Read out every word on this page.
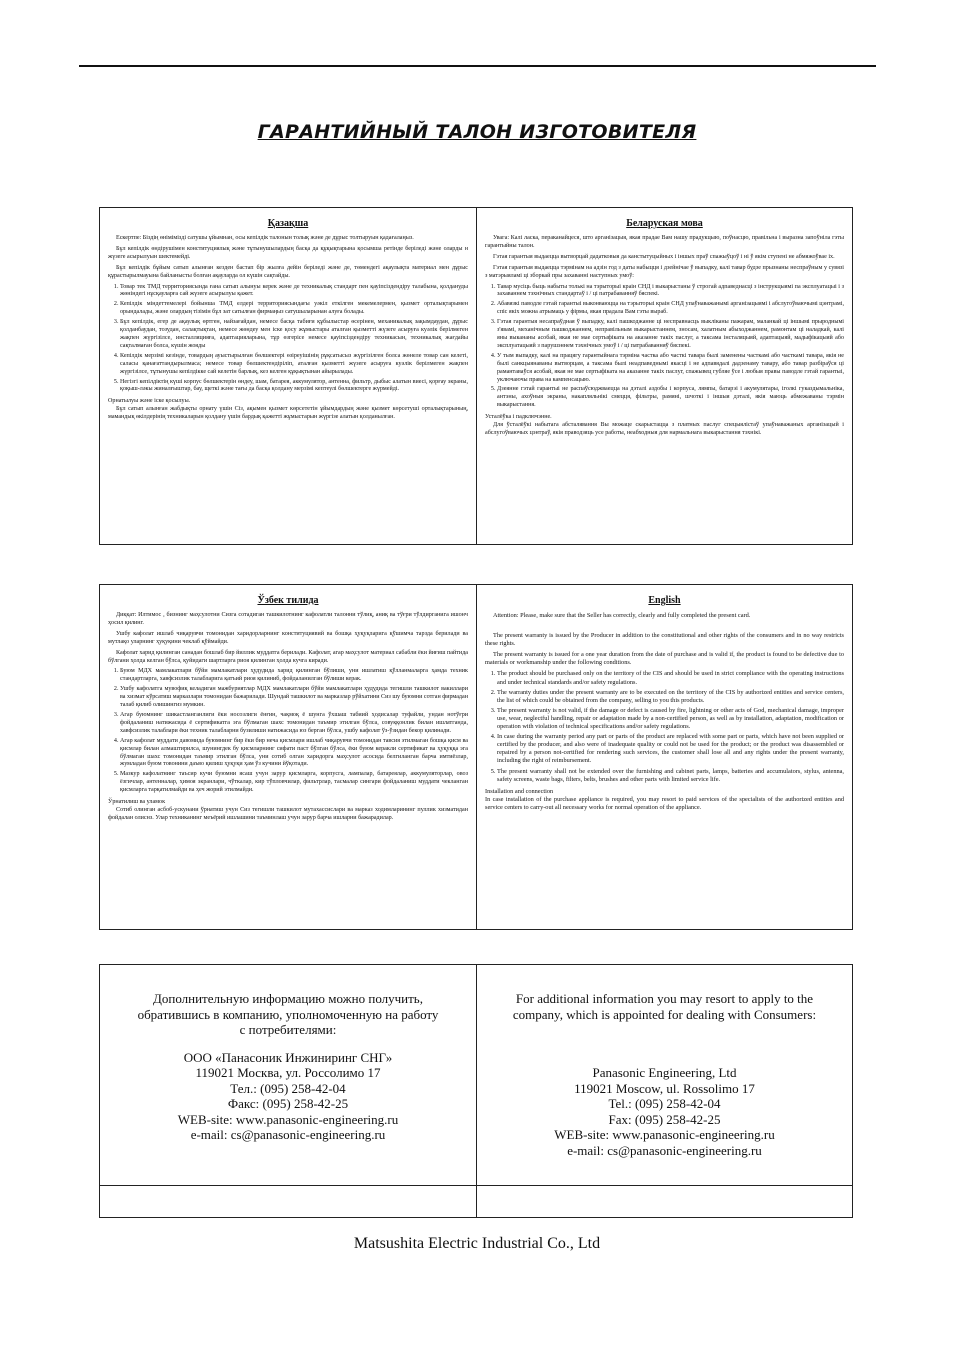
ГАРАНТИЙНЫЙ ТАЛОН ИЗГОТОВИТЕЛЯ
Қазақша

Ескертпе: Біздің өнiмiмiздi сатушы ұйымнан, осы кепілдік талонын толық және де дұрыс толтыруын қадағалаңыз.

Бұл кепілдік өндірушімен конституциялық және тұтынушылардың басқа да құқықтарына қосымша ретінде беріледі және оларды н жүзеге асырылуын шектемейді.

Бұл кепілдік бұйым сатып алынған кезден бастап бір жылға дейін беріледі және де, төмендегі ақаулықта материал мен дұрыс құрастырылмауына байланысты болған ақауларда ол күшiн сақтайды.

1. Товар тек ТМД территориясында ғана сатып алынуы керек және де техникалық стандарт пен қауіпсіздендіру талабына, қолдануды жөніндегі нұсқауларға сай жүзеге асырылуы қажет.
2. Кепілдік міндеттемелері бойынша ТМД елдері территориясындағы уәкіл еткілген мекемелермен, қызмет орталықтарымен орындалады, және олардың тізімін бұл зат сатылған фирмаңыз сатушыларынан алуға болады.
3. Бұл кепілдік, егер де ақаулық өртген, найзағайдан, немесе басқа табиғи құбылыстар өсерінен, механикалық зақымдаудан, дұрыс қолданбаудан, тозудан, салақтықтан, немесе жөндеу мен іске қосу жұмыстары аталған қызметті жүзеге асыруға куәлік берілмеген жақпен жүргізілсе, инсталляцияға, адаптацияларына, тұр өзгерісе немесе қауіпсіздендіру техникасын, техникалық жағдайы сақталмаған болса, күшiн жояды
4. Кепілдік мерзімі кезінде, товардың ауыстырылған бөлшектері өзіреуішінің рұқсатысыз жүргізілген болса жөнеле товар сан келеті, салаcы қанағаттандырылмаса; немесе товар бөлшектендiрiлiп, аталған қызметті жүзеге асыруға куәлік берілмеген жақпен жүргізілсе, тұтынушы кепілдікке сай келетін барлық, кез келген құқықтынан айырылады.
5. Негізгі кепілдіктің күші корпус бөлшектерін өндеу, шам, батарея, аккумулятор, антенна, фильтр, дыбыс алатын виесі, қорғау экраны, қоқыш-ләкы жиналғыштар, бау, щеткі және тағы да басқа қолдану мерзімі кептеулі бөлшектерге жүрмейді.

Орнатылуы және іске қосылуы.

Бұл сатып алынған жабдықты орнату үшін Сіз, ақымен қызмет көрсететін ұйымдардың және қызмет көрсетуші орталықтарының, мамандық өкілдерінің техникаларын қолдану үшін бардық қажетті жұмыстарын жүргізе алатын қолданылған.

Беларуская мова

Увага: Калі ласка, пераканайцеся, што арганізацыя, якая прадае Вам нашу прадукцыю, поўнасцю, правільна і выразна запоўніла гэты гарантыйны талон.

Гэтая гарантыя выдаецца вытворцай дадатковыя да канстытуцыйных і іншых праў спажыўцоў і ні ў якім ступені не абмяжоўвае іх.

Гэтая гарантыя выдаецца тэрмінам на адзін год з даты набыцця і дзейнічае ў выпадку, калі тавар будзе прызнаны неспраўным у сувязі з матэрыяламі ці зборкай пры захаванні наступных умоў:

1. Тавар мусіць быць набыты толькі на тэрыторыі краін СНД і выкарыстаны ў строгай адпаведнасці з інструкцыямі па эксплуатацыі і з захаваннем тэхнічных стандартаў і / ці патрабаванняў бяспекі.
2. Абавязкі паводле гэтай гарантыі выконваюцца на тэрыторыі краін СНД упаўнаважанымі арганізацыямі і абслугоўваючымі цэнтрамі, спіс якіх можна атрымаць у фірмы, якая прадала Вам гэты выраб.
3. Гэтая гарантыя несапраўдная ў выпадку, калі пашкоджанне ці несправнасць выкліканы пажарам, маланкай ці іншымі прыроднымі з'явамі, механічным пашкоджаннем, неправільным выкарыстаннем, зносам, халатным абыходжаннем, рамонтам ці наладкай, калі яны выкананы асобай, якая не мае сертыфіката на аказанне такіх паслуг, а таксама інсталяцыяй, адаптацыяй, мадыфікацыяй або эксплуатацыяй з парушэннем тэхнічных умоў і / ці патрабаванняў бяспекі.
4. У тым выпадку, калі на працягу гарантыйнага тэрміна частка або часткі тавара былі заменены часткамі або часткамі тавара, якія не былі санкцыянаваны вытворцам, а таксама былі неадпаведнымі якасці і не адпавядалі дадзенаму тавару, або тавар разбіраўся ці рамантаваўся асобай, якая не мае сертыфіката на аказанне такіх паслуг, спажывец губляе ўсе і любыя правы паводле гэтай гарантыі, уключаючы права на кампенсацыю.
5. Дзеянне гэтай гарантыі не распаўсюджваецца на дэталі аздобы і корпуса, лямпы, батарэі і акумулятары, іголкі гуказдымальніка, антэны, ахоўныя экраны, накапляльнікі смецця, фільтры, рамяні, шчоткі і іншыя дэталі, якія маюць абмежаваны тэрмін выкарыстання.

Усталёўка і падключэнне.

Для ўсталёўкі набытага абсталявання Вы можаце скарыстацца з платных паслуг спецыялістаў упаўнаважаных арганізацый і абслугоўваючых цэнтраў, якія праводзяць усе работы, неабходныя для нармальнага выкарыстання тэхнікі.

Ўзбек тилида

Диққат: Илтимос , бизнинг маҳсулотни Сизга сотадиган ташкилотнинг кафолатли талонни тўлиқ, аниқ ва тўғри тўлдирганига ишонч ҳосил қилинг.

Ушбу кафолат ишлаб чиқарувчи томонидан харидорларнинг конституциявий ва бошқа ҳуқуқларига қўшимча тарзда берилади ва мутлақо уларнинг ҳуқуқини чеклаб қўймайди.

Кафолат харид қилинган санадан бошлаб бир йиллик муддатга берилади. Кафолат, агар маҳсулот материал сабабли ёки йиғиш пайтида бўлгани ҳолда келган бўлса, қуйидаги шартларга риоя қилинган ҳолда кучга киради.

1. Буюм МДХ мамлакатлари бўйи мамлакатлари ҳудудида харид қилинган бўлиши, уни ишлатиш қўлланмаларга ҳамда техник стандартларга, хавфсизлик талабларига қатъий риоя қилиниб, фойдаланилган бўлиши керак.
2. Ушбу кафолатга мувофиқ келадиган мажбуриятлар МДХ мамлакатлари бўйи мамлакатлари ҳудудида тегишли ташкилот вакиллари ва хизмат кўрсатиш марказлари томонидан бажарилади. Шундай ташкилот ва марказлар рўйхатини Сиз шу буюмни сотган фирмадан талаб қилиб олишингиз мумкин.
3. Агар буюмнинг шикастланганлиги ёки носозлиги ёнғин, чақмоқ ё шунга ўхшаш табиий ҳодисалар туфайли, ундан нотўғри фойдаланиш натижасида ё сертификатга эга бўлмаган шахс томонидан таъмир этилган бўлса, совуққонлик билан ишлатганда, хавфсизлик талаблари ёки техник талабларни бузилиши натижасида юз берган бўлса, ушбу кафолат ўз-ўзидан бекор қилинади.
4. Агар кафолат муддати давомида буюмнинг бир ёки бир неча қисмлари ишлаб чиқарувчи томонидан тавсия этилмаган бошқа қисм ва қисмлар билан алмаштирилса, шунингдек бу қисмларнинг сифати паст бўлган бўлса, ёки буюм керакли сертификат ва ҳуқуққа эга бўлмаган шахс томонидан таъмир этилган бўлса, уни сотиб олган харидорга маҳсулот асосида белгиланган барча имтиёзлар, жумладан буюм товонини даъво қилиш ҳуқуқи ҳам ўз кучини йўқотади.
5. Мазкур кафолатнинг таъсир кучи буюмни ясаш учун зарур қисмларга, корпусга, лампалар, батареялар, аккумуляторлар, овоз ёзгичлар, антенналар, ҳимоя экранлари, чўткалар, кир тўпловчилар, фильтрлар, тасмалар сингари фойдаланиш муддати чекланган қисмларга тарқатилмайди ва ҳеч жорий этилмайди.

Ўрнатилиш ва уламок

Сотиб олинган асбоб-ускунани ўрнатиш учун Сиз тегишли ташкилот мутахассислари ва марказ ходимларининг пуллик хизматидан фойдалан олиснз. Улар техниканинг меъёрий ишлашини таъминлаш учун зарур барча ишларни бажарадилар.

English

Attention: Please, make sure that the Seller has correctly, clearly and fully completed the present card.

The present warranty is issued by the Producer in addition to the constitutional and other rights of the consumers and in no way restricts these rights.

The present warranty is issued for a one year duration from the date of purchase and is valid if, the product is found to be defective due to materials or workmanship under the following conditions.

1. The product should be purchased only on the territory of the CIS and should be used in strict compliance with the operating instructions and under technical standards and/or safety regulations.
2. The warranty duties under the present warranty are to be executed on the territory of the CIS by authorized entities and service centers, the list of which could be obtained from the company, selling to you this products.
3. The present warranty is not valid, if the damage or defect is caused by fire, lightning or other acts of God, mechanical damage, improper use, wear, neglectful handling, repair or adaptation made by a non-certified person, as well as by installation, adaptation, modification or operation with violation of technical specifications and/or safety regulations.
4. In case during the warranty period any part or parts of the product are replaced with some part or parts, which have not been supplied or certified by the producer, and also were of inadequate quality or could not be used for the product; or the product was disassembled or repaired by a person not-certified for rendering such services, the customer shall lose all and any rights under the present warranty, including the right of reimbursement.
5. The present warranty shall not be extended over the furnishing and cabinet parts, lamps, batteries and accumulators, stylus, antenna, safety screens, waste bags, filters, belts, brushes and other parts with limited service life.

Installation and connection

In case installation of the purchase appliance is required, you may resort to paid services of the specialists of the authorized entities and service centers to carry-out all necessary works for normal operation of the appliance.

Дополнительную информацию можно получить,
обратившись в компанию, уполномоченную на работу
с потребителями:
ООО «Панасоник Инжиниринг СНГ»
119021 Москва, ул. Россолимо 17
Тел.: (095) 258-42-04
Факс: (095) 258-42-25
WEB-site: www.panasonic-engineering.ru
e-mail: cs@panasonic-engineering.ru
For additional information you may resort to apply to the
company, which is appointed for dealing with Consumers:
Panasonic Engineering, Ltd
119021 Moscow, ul. Rossolimo 17
Tel.: (095) 258-42-04
Fax: (095) 258-42-25
WEB-site: www.panasonic-engineering.ru
e-mail: cs@panasonic-engineering.ru
Matsushita Electric Industrial Co., Ltd
